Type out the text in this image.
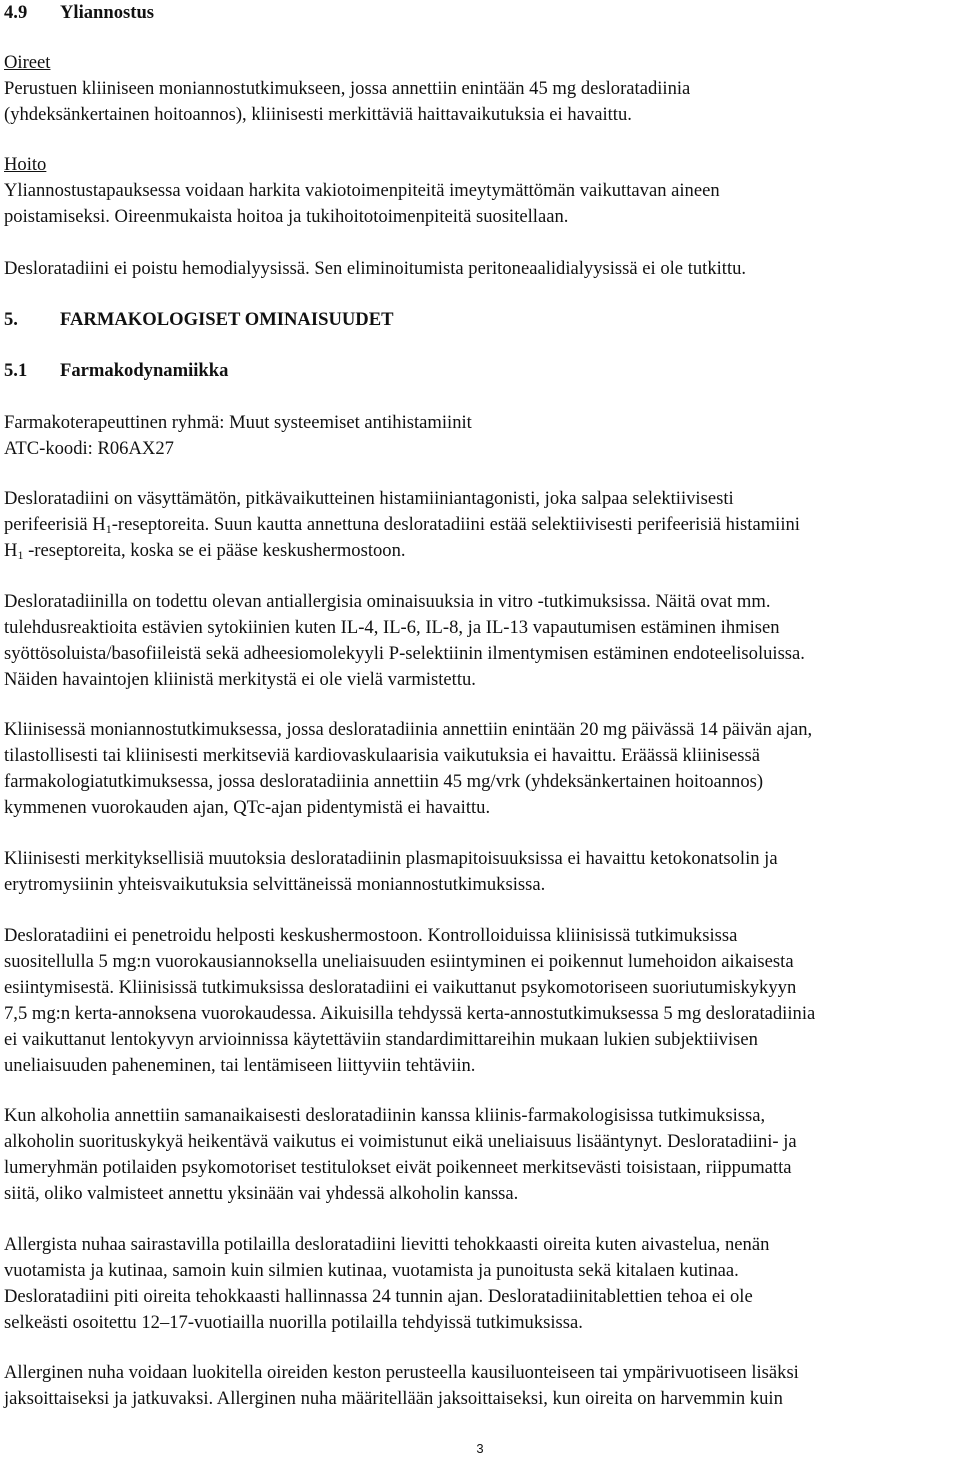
4.9 Yliannostus
Oireet
Perustuen kliiniseen moniannostutkimukseen, jossa annettiin enintään 45 mg desloratadiinia
(yhdeksänkertainen hoitoannos), kliinisesti merkittäviä haittavaikutuksia ei havaittu.
Hoito
Yliannostustapauksessa voidaan harkita vakiotoimenpiteitä imeytymättömän vaikuttavan aineen
poistamiseksi. Oireenmukaista hoitoa ja tukihoitotoimenpiteitä suositellaan.
Desloratadiini ei poistu hemodialyysissä. Sen eliminoitumista peritoneaalidialyysissä ei ole tutkittu.
5. FARMAKOLOGISET OMINAISUUDET
5.1 Farmakodynamiikka
Farmakoterapeuttinen ryhmä: Muut systeemiset antihistamiinit
ATC-koodi: R06AX27
Desloratadiini on väsyttämätön, pitkävaikutteinen histamiiniantagonisti, joka salpaa selektiivisesti
perifeerisiä $H_1$-reseptoreita. Suun kautta annettuna desloratadiini estää selektiivisesti perifeerisiä histamiini
$H_1$ -reseptoreita, koska se ei pääse keskushermostoon.
Desloratadiinilla on todettu olevan antiallergisia ominaisuuksia in vitro -tutkimuksissa. Näitä ovat mm.
tulehdusreaktioita estävien sytokiinien kuten IL-4, IL-6, IL-8, ja IL-13 vapautumisen estäminen ihmisen
syöttösoluista/basofiileistä sekä adheesiomolekyyli P-selektiinin ilmentymisen estäminen endoteelisoluissa.
Näiden havaintojen kliinistä merkitystä ei ole vielä varmistettu.
Kliinisessä moniannostutkimuksessa, jossa desloratadiinia annettiin enintään 20 mg päivässä 14 päivän ajan,
tilastollisesti tai kliinisesti merkitseviä kardiovaskulaarisia vaikutuksia ei havaittu. Eräässä kliinisessä
farmakologiatutkimuksessa, jossa desloratadiinia annettiin 45 mg/vrk (yhdeksänkertainen hoitoannos)
kymmenen vuorokauden ajan, QTc-ajan pidentymistä ei havaittu.
Kliinisesti merkityksellisiä muutoksia desloratadiinin plasmapitoisuuksissa ei havaittu ketokonatsolin ja
erytromysiinin yhteisvaikutuksia selvittäneissä moniannostutkimuksissa.
Desloratadiini ei penetroidu helposti keskushermostoon. Kontrolloiduissa kliinisissä tutkimuksissa
suositellulla 5 mg:n vuorokausiannoksella uneliaisuuden esiintyminen ei poikennut lumehoidon aikaisesta
esiintymisestä. Kliinisissä tutkimuksissa desloratadiini ei vaikuttanut psykomotoriseen suoriutumiskykyyn
7,5 mg:n kerta-annoksena vuorokaudessa. Aikuisilla tehdyssä kerta-annostutkimuksessa 5 mg desloratadiinia
ei vaikuttanut lentokyvyn arvioinnissa käytettäviin standardimittareihin mukaan lukien subjektiivisen
uneliaisuuden paheneminen, tai lentämiseen liittyviin tehtäviin.
Kun alkoholia annettiin samanaikaisesti desloratadiinin kanssa kliinis-farmakologisissa tutkimuksissa,
alkoholin suorituskykyä heikentävä vaikutus ei voimistunut eikä uneliaisuus lisääntynyt. Desloratadiini- ja
lumeryhmän potilaiden psykomotoriset testitulokset eivät poikenneet merkitsevästi toisistaan, riippumatta
siitä, oliko valmisteet annettu yksinään vai yhdessä alkoholin kanssa.
Allergista nuhaa sairastavilla potilailla desloratadiini lievitti tehokkaasti oireita kuten aivastelua, nenän
vuotamista ja kutinaa, samoin kuin silmien kutinaa, vuotamista ja punoitusta sekä kitalaen kutinaa.
Desloratadiini piti oireita tehokkaasti hallinnassa 24 tunnin ajan. Desloratadiinitablettien tehoa ei ole
selkeästi osoitettu 12–17-vuotiailla nuorilla potilailla tehdyissä tutkimuksissa.
Allerginen nuha voidaan luokitella oireiden keston perusteella kausiluonteiseen tai ympärivuotiseen lisäksi
jaksoittaiseksi ja jatkuvaksi. Allerginen nuha määritellään jaksoittaiseksi, kun oireita on harvemmin kuin
3
